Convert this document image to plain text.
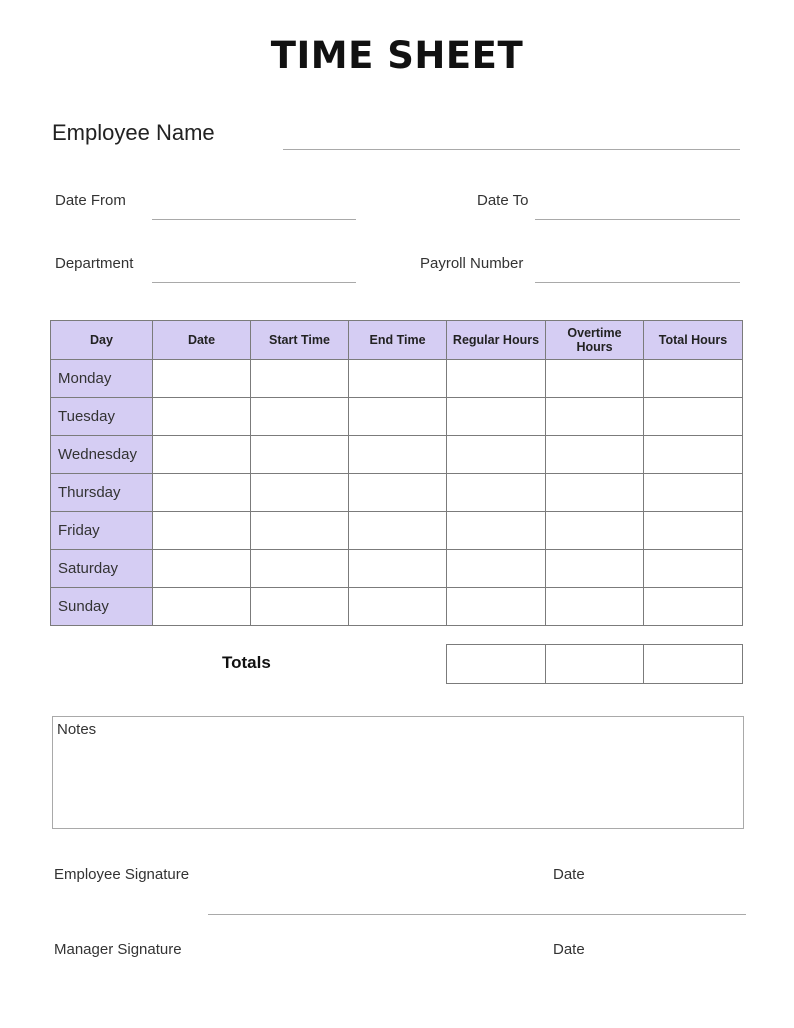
TIME SHEET
Employee Name
Date From	Date To
Department	Payroll Number
Day	Date	Start Time	End Time	Regular Hours	Overtime Hours	Total Hours
Monday						
Tuesday						
Wednesday						
Thursday						
Friday						
Saturday						
Sunday						
Totals

Notes
Employee Signature	Date
Manager Signature	Date
